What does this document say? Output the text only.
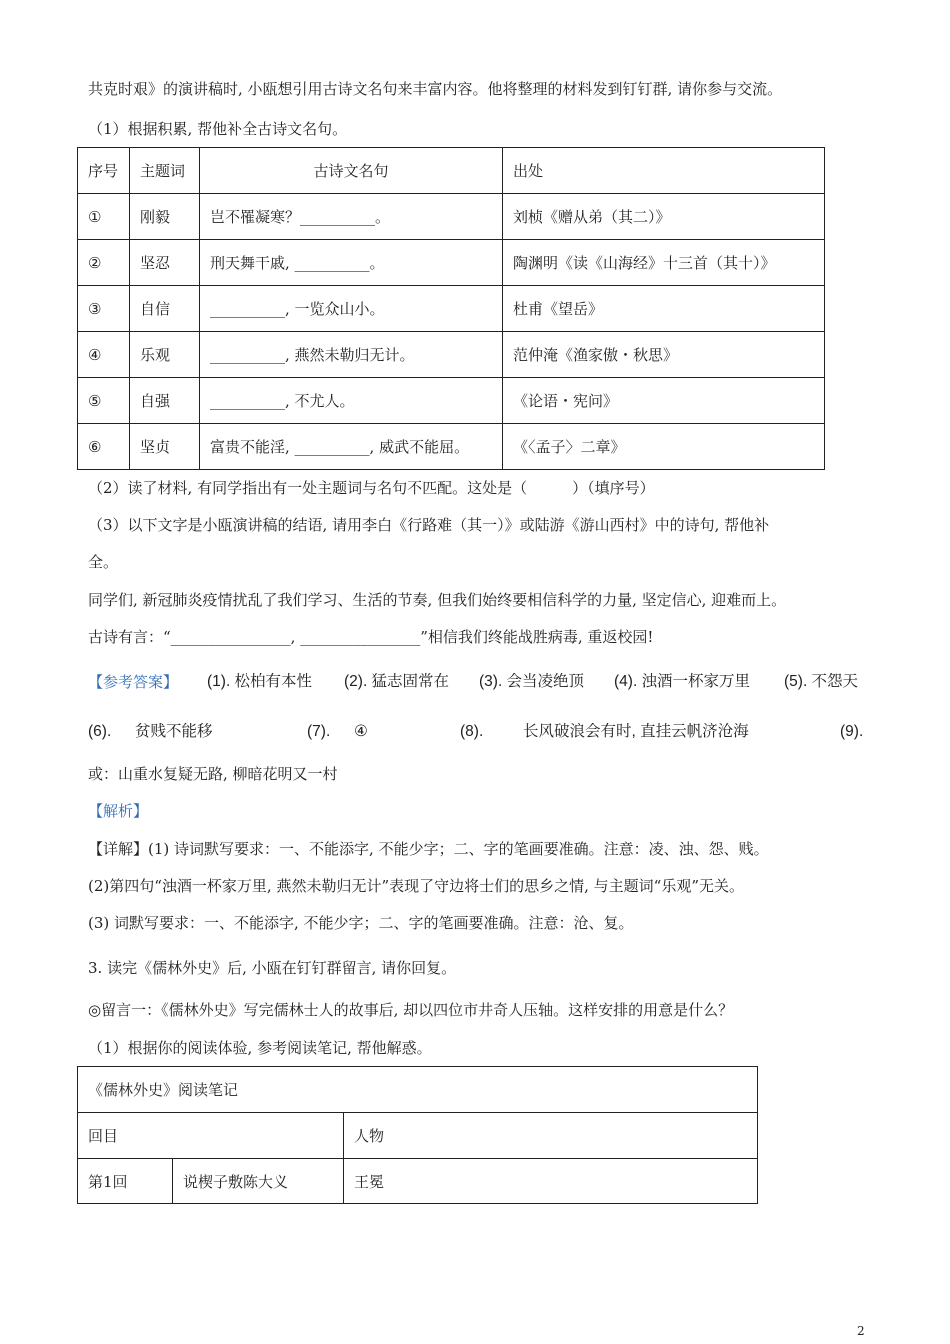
共克时艰》的演讲稿时, 小瓯想引用古诗文名句来丰富内容。他将整理的材料发到钉钉群, 请你参与交流。
（1）根据积累, 帮他补全古诗文名句。
序号	主题词	古诗文名句	出处
①	刚毅	岂不罹凝寒？__________。	刘桢《赠从弟（其二）》
②	坚忍	刑天舞干戚, __________。	陶渊明《读《山海经》十三首（其十）》
③	自信	__________, 一览众山小。	杜甫《望岳》
④	乐观	__________, 燕然未勒归无计。	范仲淹《渔家傲・秋思》
⑤	自强	__________, 不尤人。	《论语・宪问》
⑥	坚贞	富贵不能淫, __________, 威武不能屈。	《〈孟子〉二章》
（2）读了材料, 有同学指出有一处主题词与名句不匹配。这处是（　　　）（填序号）
（3）以下文字是小瓯演讲稿的结语, 请用李白《行路难（其一）》或陆游《游山西村》中的诗句, 帮他补
全。
同学们, 新冠肺炎疫情扰乱了我们学习、生活的节奏, 但我们始终要相信科学的力量, 坚定信心, 迎难而上。
古诗有言：“________________, ________________”相信我们终能战胜病毒, 重返校园!
【参考答案】 (1). 松柏有本性 (2). 猛志固常在 (3). 会当凌绝顶 (4). 浊酒一杯家万里 (5). 不怨天
(6). 贫贱不能移	(7). ④	(8).	长风破浪会有时, 直挂云帆济沧海	(9).
或：山重水复疑无路, 柳暗花明又一村
【解析】
【详解】(1) 诗词默写要求：一、不能添字, 不能少字；二、字的笔画要准确。注意：凌、浊、怨、贱。
(2)第四句“浊酒一杯家万里, 燕然未勒归无计”表现了守边将士们的思乡之情, 与主题词“乐观”无关。
(3) 词默写要求：一、不能添字, 不能少字；二、字的笔画要准确。注意：沧、复。
3. 读完《儒林外史》后, 小瓯在钉钉群留言, 请你回复。
◎留言一：《儒林外史》写完儒林士人的故事后, 却以四位市井奇人压轴。这样安排的用意是什么？
（1）根据你的阅读体验, 参考阅读笔记, 帮他解惑。
《儒林外史》阅读笔记		
回目		人物
第1回	说楔子敷陈大义	王冕
2
